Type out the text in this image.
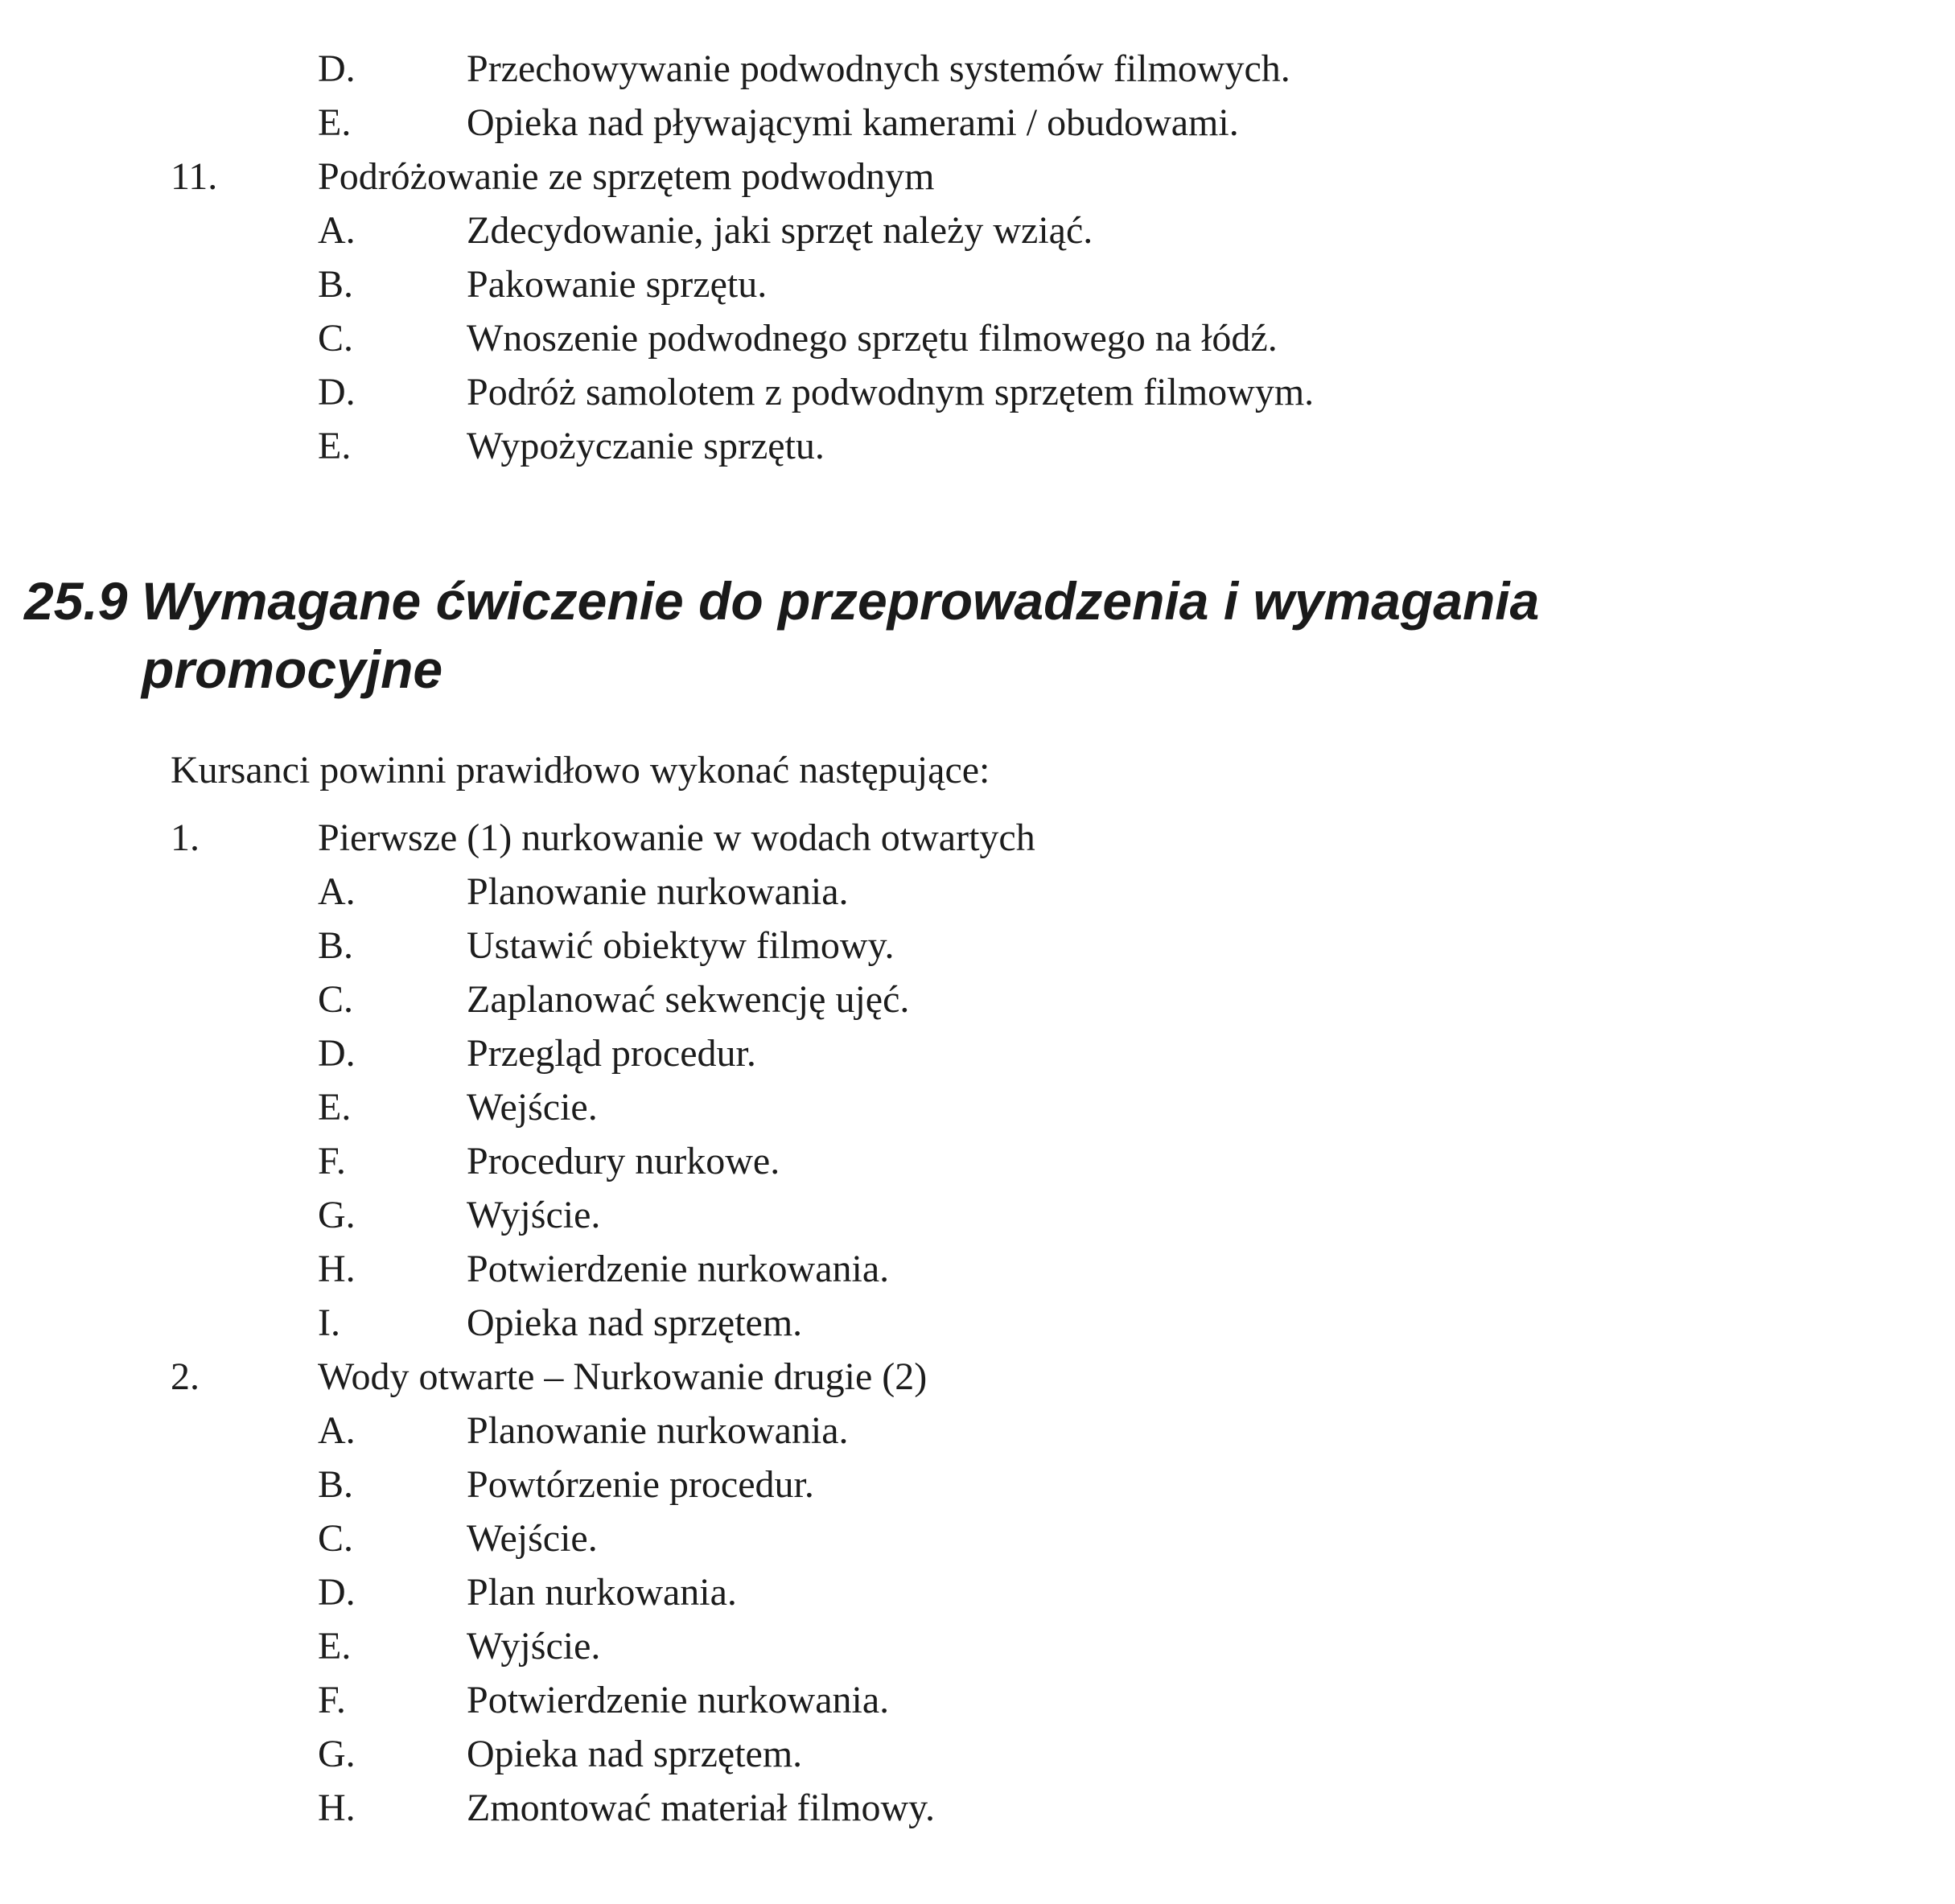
D.	Przechowywanie podwodnych systemów filmowych.
E.	Opieka nad pływającymi kamerami / obudowami.
11.	Podróżowanie ze sprzętem podwodnym
A.	Zdecydowanie, jaki sprzęt należy wziąć.
B.	Pakowanie sprzętu.
C.	Wnoszenie podwodnego sprzętu filmowego na łódź.
D.	Podróż samolotem z podwodnym sprzętem filmowym.
E.	Wypożyczanie sprzętu.
25.9 Wymagane ćwiczenie do przeprowadzenia i wymagania
promocyjne
Kursanci powinni prawidłowo wykonać następujące:
1.	Pierwsze (1) nurkowanie w wodach otwartych
A.	Planowanie nurkowania.
B.	Ustawić obiektyw filmowy.
C.	Zaplanować sekwencję ujęć.
D.	Przegląd procedur.
E.	Wejście.
F.	Procedury nurkowe.
G.	Wyjście.
H.	Potwierdzenie nurkowania.
I.	Opieka nad sprzętem.
2.	Wody otwarte – Nurkowanie drugie (2)
A.	Planowanie nurkowania.
B.	Powtórzenie procedur.
C.	Wejście.
D.	Plan nurkowania.
E.	Wyjście.
F.	Potwierdzenie nurkowania.
G.	Opieka nad sprzętem.
H.	Zmontować materiał filmowy.
